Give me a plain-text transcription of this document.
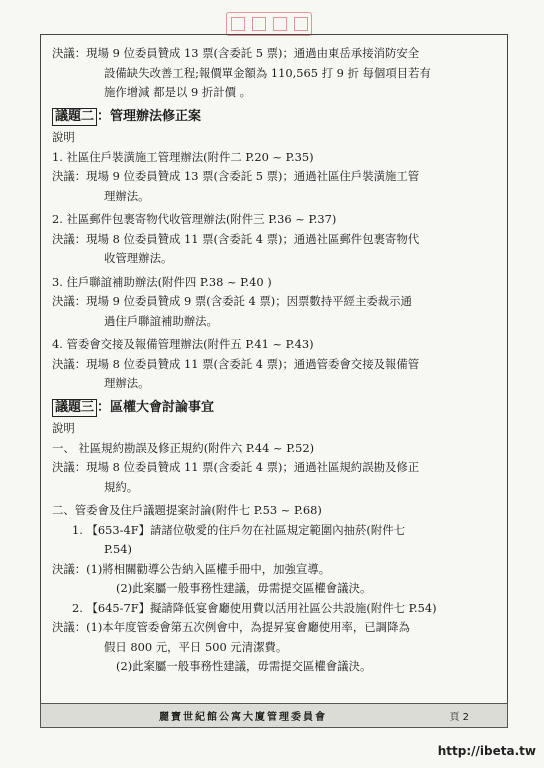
決議：現場 9 位委員贊成 13 票(含委託 5 票)；通過由東岳承接消防安全
設備缺失改善工程;報價單金額為 110,565 打 9 折 每個項目若有
施作增減 都是以 9 折計價 。
議題二 ：管理辦法修正案
說明
1. 社區住戶裝潢施工管理辦法(附件二 P.20 ~ P.35)
決議：現場 9 位委員贊成 13 票(含委託 5 票)；通過社區住戶裝潢施工管
理辦法。
2. 社區郵件包裹寄物代收管理辦法(附件三 P.36 ~ P.37)
決議：現場 8 位委員贊成 11 票(含委託 4 票)；通過社區郵件包裹寄物代
收管理辦法。
3. 住戶聯誼補助辦法(附件四 P.38 ~ P.40 )
決議：現場 9 位委員贊成 9 票(含委託 4 票)；因票數持平經主委裁示通
過住戶聯誼補助辦法。
4. 管委會交接及報備管理辦法(附件五 P.41 ~ P.43)
決議：現場 8 位委員贊成 11 票(含委託 4 票)；通過管委會交接及報備管
理辦法。
議題三 ：區權大會討論事宜
說明
一、 社區規約勘誤及修正規約(附件六 P.44 ~ P.52)
決議：現場 8 位委員贊成 11 票(含委託 4 票)；通過社區規約誤勘及修正
規約。
二、管委會及住戶議題提案討論(附件七 P.53 ~ P.68)
1. 【653-4F】請諸位敬愛的住戶勿在社區規定範圍內抽菸(附件七
P.54)
決議：(1)將相關勸導公告納入區權手冊中，加強宣導。
(2)此案屬一般事務性建議，毋需提交區權會議決。
2. 【645-7F】擬請降低宴會廳使用費以活用社區公共設施(附件七 P.54)
決議：(1)本年度管委會第五次例會中，為提昇宴會廳使用率，已調降為
假日 800 元，平日 500 元清潔費。
(2)此案屬一般事務性建議，毋需提交區權會議決。
麗寶世紀館公寓大廈管理委員會	頁 2
http://ibeta.tw
